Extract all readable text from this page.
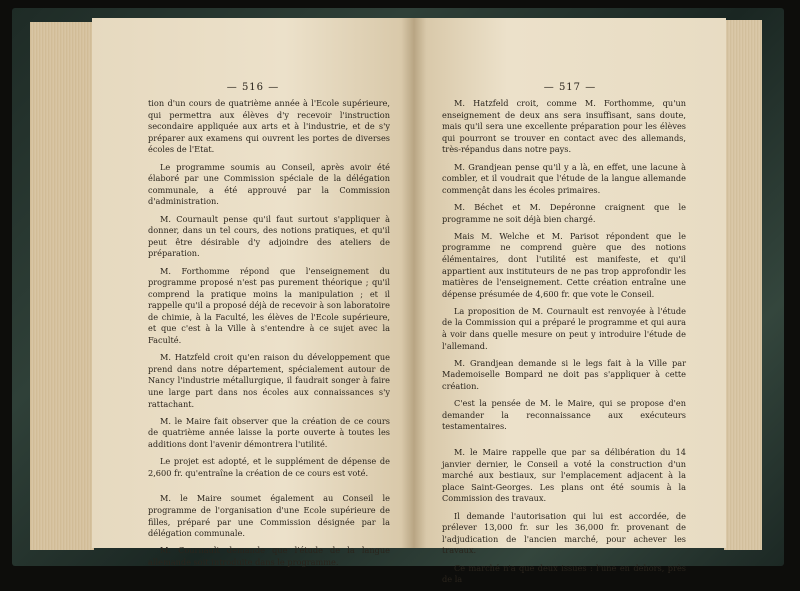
— 516 —

tion d'un cours de quatrième année à l'Ecole supérieure, qui permettra aux élèves d'y recevoir l'instruction secondaire appliquée aux arts et à l'industrie, et de s'y préparer aux examens qui ouvrent les portes de diverses écoles de l'Etat.

Le programme soumis au Conseil, après avoir été élaboré par une Commission spéciale de la délégation communale, a été approuvé par la Commission d'administration.

M. Cournault pense qu'il faut surtout s'appliquer à donner, dans un tel cours, des notions pratiques, et qu'il peut être désirable d'y adjoindre des ateliers de préparation.

M. Forthomme répond que l'enseignement du programme proposé n'est pas purement théorique ; qu'il comprend la pratique moins la manipulation ; et il rappelle qu'il a proposé déjà de recevoir à son laboratoire de chimie, à la Faculté, les élèves de l'Ecole supérieure, et que c'est à la Ville à s'entendre à ce sujet avec la Faculté.

M. Hatzfeld croit qu'en raison du développement que prend dans notre département, spécialement autour de Nancy l'industrie métallurgique, il faudrait songer à faire une large part dans nos écoles aux connaissances s'y rattachant.

M. le Maire fait observer que la création de ce cours de quatrième année laisse la porte ouverte à toutes les additions dont l'avenir démontrera l'utilité.

Le projet est adopté, et le supplément de dépense de 2,600 fr. qu'entraîne la création de ce cours est voté.

M. le Maire soumet également au Conseil le programme de l'organisation d'une Ecole supérieure de filles, préparé par une Commission désignée par la délégation communale.

M. Cournault demande que l'étude de la langue allemande soit introduite dans le programme.

— 517 —

M. Hatzfeld croit, comme M. Forthomme, qu'un enseignement de deux ans sera insuffisant, sans doute, mais qu'il sera une excellente préparation pour les élèves qui pourront se trouver en contact avec des allemands, très-répandus dans notre pays.

M. Grandjean pense qu'il y a là, en effet, une lacune à combler, et il voudrait que l'étude de la langue allemande commençât dans les écoles primaires.

M. Béchet et M. Depéronne craignent que le programme ne soit déjà bien chargé.

Mais M. Welche et M. Parisot répondent que le programme ne comprend guère que des notions élémentaires, dont l'utilité est manifeste, et qu'il appartient aux instituteurs de ne pas trop approfondir les matières de l'enseignement. Cette création entraîne une dépense présumée de 4,600 fr. que vote le Conseil.

La proposition de M. Cournault est renvoyée à l'étude de la Commission qui a préparé le programme et qui aura à voir dans quelle mesure on peut y introduire l'étude de l'allemand.

M. Grandjean demande si le legs fait à la Ville par Mademoiselle Bompard ne doit pas s'appliquer à cette création.

C'est la pensée de M. le Maire, qui se propose d'en demander la reconnaissance aux exécuteurs testamentaires.

M. le Maire rappelle que par sa délibération du 14 janvier dernier, le Conseil a voté la construction d'un marché aux bestiaux, sur l'emplacement adjacent à la place Saint-Georges. Les plans ont été soumis à la Commission des travaux.

Il demande l'autorisation qui lui est accordée, de prélever 13,000 fr. sur les 36,000 fr. provenant de l'adjudication de l'ancien marché, pour achever les travaux.

Ce marché n'a que deux issues : l'une en dehors, près de la
